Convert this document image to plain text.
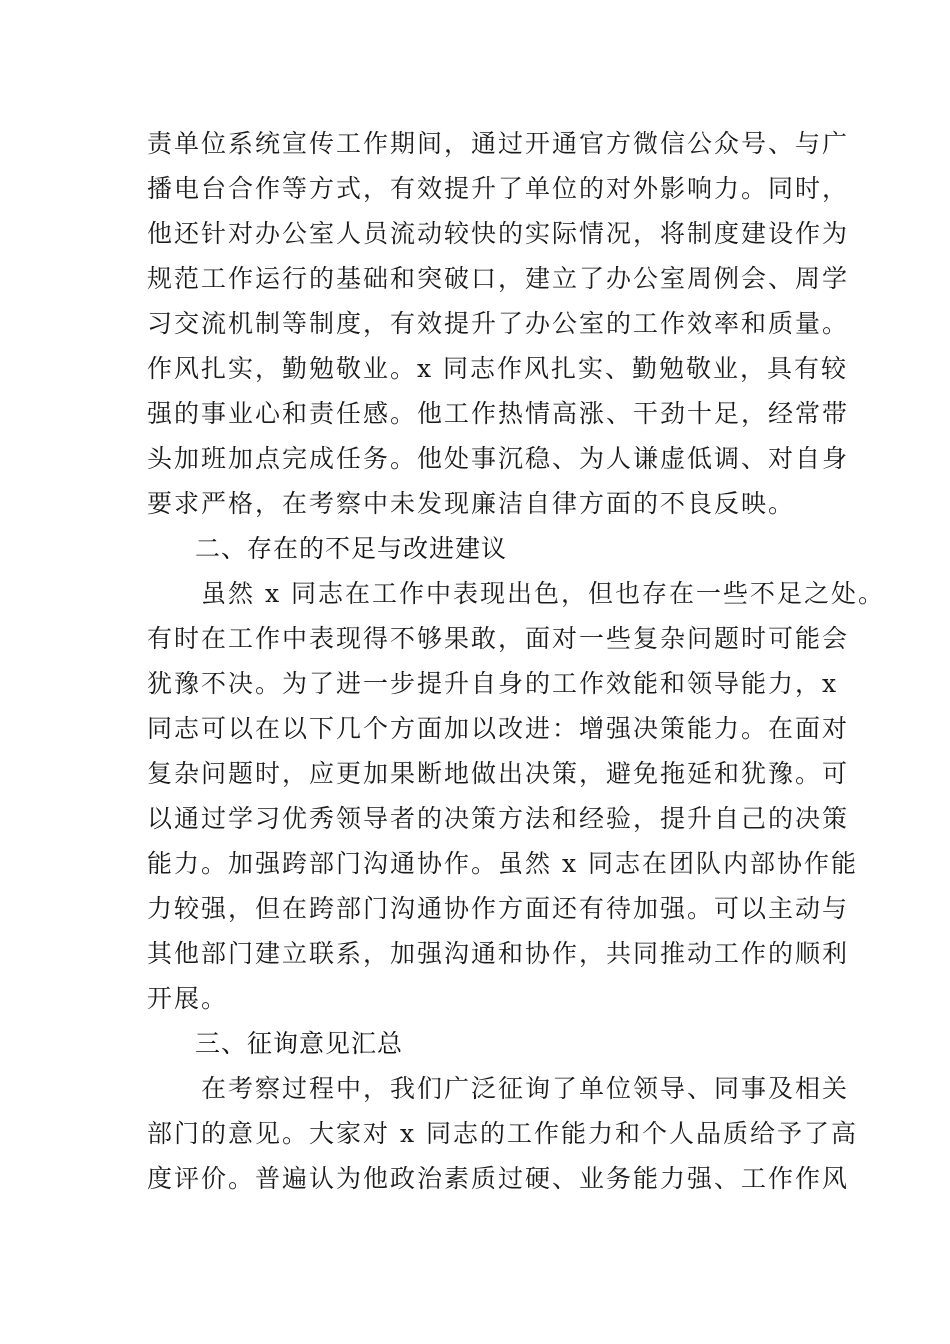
责单位系统宣传工作期间，通过开通官方微信公众号、与广
播电台合作等方式，有效提升了单位的对外影响力。同时，
他还针对办公室人员流动较快的实际情况，将制度建设作为
规范工作运行的基础和突破口，建立了办公室周例会、周学
习交流机制等制度，有效提升了办公室的工作效率和质量。
作风扎实，勤勉敬业。x 同志作风扎实、勤勉敬业，具有较
强的事业心和责任感。他工作热情高涨、干劲十足，经常带
头加班加点完成任务。他处事沉稳、为人谦虚低调、对自身
要求严格，在考察中未发现廉洁自律方面的不良反映。
二、存在的不足与改进建议
　　虽然 x 同志在工作中表现出色，但也存在一些不足之处。
有时在工作中表现得不够果敢，面对一些复杂问题时可能会
犹豫不决。为了进一步提升自身的工作效能和领导能力，x
同志可以在以下几个方面加以改进：增强决策能力。在面对
复杂问题时，应更加果断地做出决策，避免拖延和犹豫。可
以通过学习优秀领导者的决策方法和经验，提升自己的决策
能力。加强跨部门沟通协作。虽然 x 同志在团队内部协作能
力较强，但在跨部门沟通协作方面还有待加强。可以主动与
其他部门建立联系，加强沟通和协作，共同推动工作的顺利
开展。
三、征询意见汇总
　　在考察过程中，我们广泛征询了单位领导、同事及相关
部门的意见。大家对 x 同志的工作能力和个人品质给予了高
度评价。普遍认为他政治素质过硬、业务能力强、工作作风
